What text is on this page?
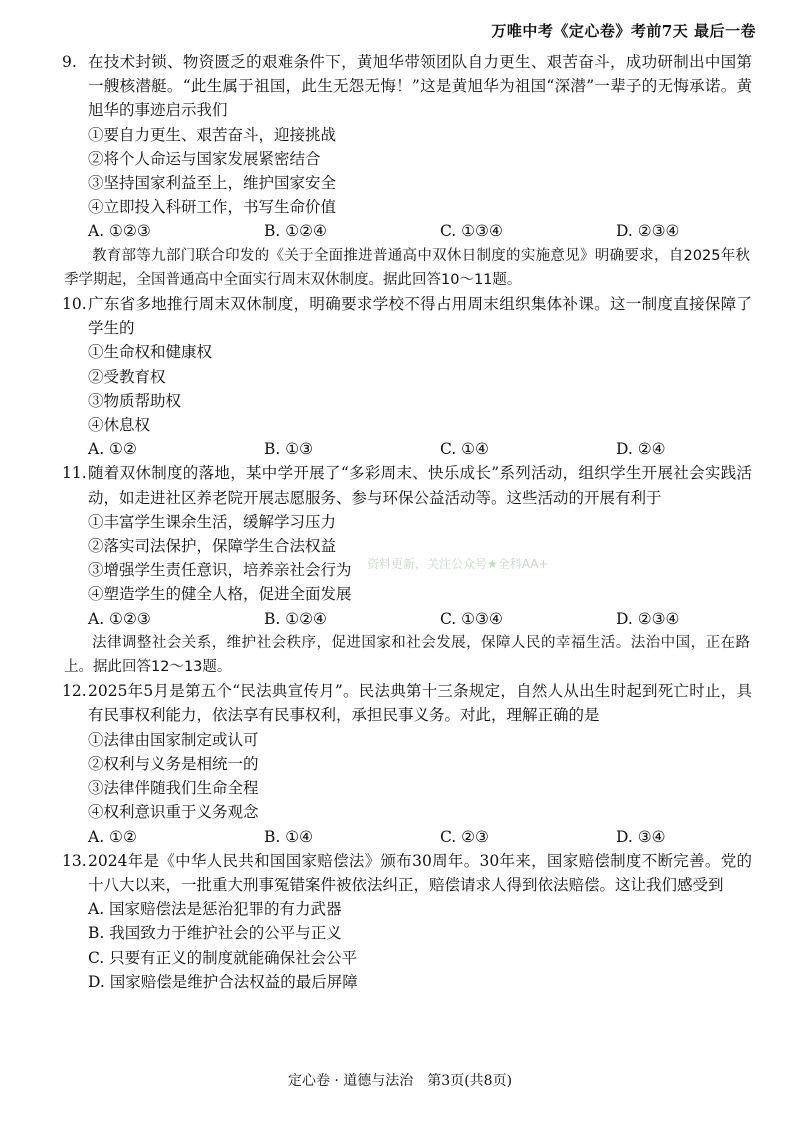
万唯中考《定心卷》考前7天 最后一卷
9. 在技术封锁、物资匮乏的艰难条件下，黄旭华带领团队自力更生、艰苦奋斗，成功研制出中国第一艘核潜艇。“此生属于祖国，此生无怨无悔！”这是黄旭华为祖国“深潜”一辈子的无悔承诺。黄旭华的事迹启示我们
①要自力更生、艰苦奋斗，迎接挑战
②将个人命运与国家发展紧密结合
③坚持国家利益至上，维护国家安全
④立即投入科研工作，书写生命价值
A. ①②③	B. ①②④	C. ①③④	D. ②③④
教育部等九部门联合印发的《关于全面推进普通高中双休日制度的实施意见》明确要求，自2025年秋季学期起，全国普通高中全面实行周末双休制度。据此回答10～11题。
10. 广东省多地推行周末双休制度，明确要求学校不得占用周末组织集体补课。这一制度直接保障了学生的
①生命权和健康权
②受教育权
③物质帮助权
④休息权
A. ①②	B. ①③	C. ①④	D. ②④
11. 随着双休制度的落地，某中学开展了“多彩周末、快乐成长”系列活动，组织学生开展社会实践活动，如走进社区养老院开展志愿服务、参与环保公益活动等。这些活动的开展有利于
①丰富学生课余生活，缓解学习压力
②落实司法保护，保障学生合法权益
③增强学生责任意识，培养亲社会行为
④塑造学生的健全人格，促进全面发展
A. ①②③	B. ①②④	C. ①③④	D. ②③④
法律调整社会关系，维护社会秩序，促进国家和社会发展，保障人民的幸福生活。法治中国，正在路上。据此回答12～13题。
12. 2025年5月是第五个“民法典宣传月”。民法典第十三条规定，自然人从出生时起到死亡时止，具有民事权利能力，依法享有民事权利，承担民事义务。对此，理解正确的是
①法律由国家制定或认可
②权利与义务是相统一的
③法律伴随我们生命全程
④权利意识重于义务观念
A. ①②	B. ①④	C. ②③	D. ③④
13. 2024年是《中华人民共和国国家赔偿法》颁布30周年。30年来，国家赔偿制度不断完善。党的十八大以来，一批重大刑事冤错案件被依法纠正，赔偿请求人得到依法赔偿。这让我们感受到
A. 国家赔偿法是惩治犯罪的有力武器
B. 我国致力于维护社会的公平与正义
C. 只要有正义的制度就能确保社会公平
D. 国家赔偿是维护合法权益的最后屏障
资料更新，关注公众号★全科AA+
定心卷 · 道德与法治　第3页(共8页)
